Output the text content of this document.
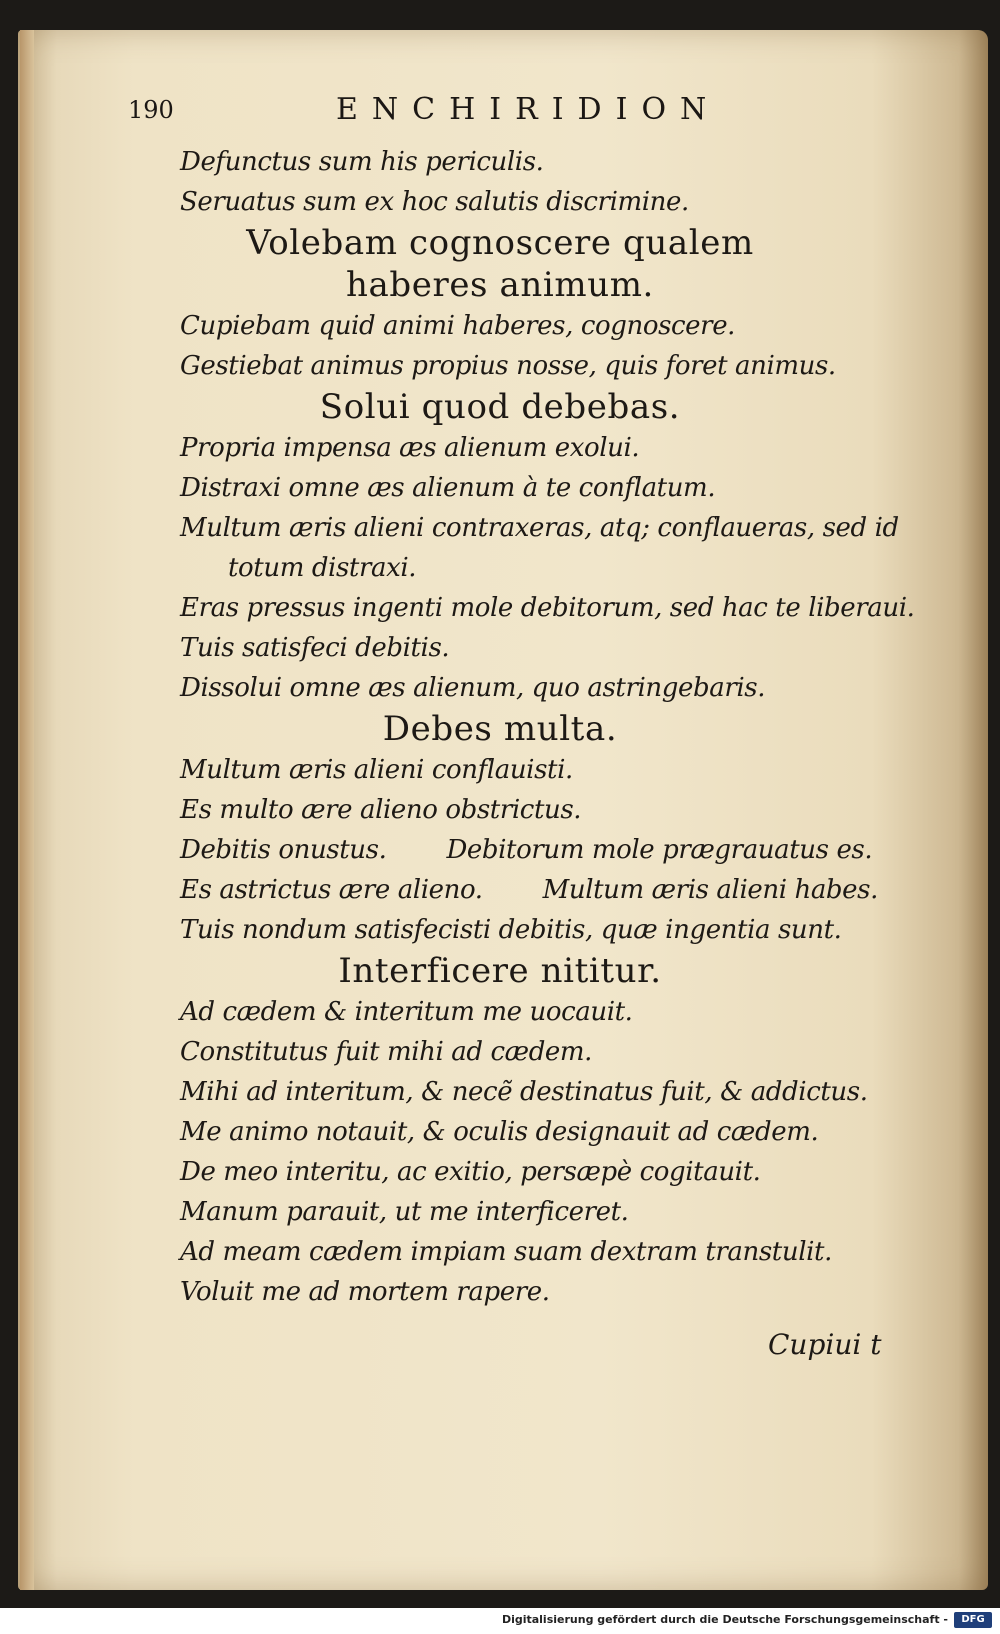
190	ENCHIRIDION
Defunctus sum his periculis.
Seruatus sum ex hoc salutis discrimine.
Volebam cognoscere qualem
haberes animum.
Cupiebam quid animi haberes, cognoscere.
Gestiebat animus propius nosse, quis foret animus.
Solui quod debebas.
Propria impensa æs alienum exolui.
Distraxi omne æs alienum à te conflatum.
Multum æris alieni contraxeras, atq; conflaueras, sed id
totum distraxi.
Eras pressus ingenti mole debitorum, sed hac te liberaui.
Tuis satisfeci debitis.
Dissolui omne æs alienum, quo astringebaris.
Debes multa.
Multum æris alieni conflauisti.
Es multo ære alieno obstrictus.
Debitis onustus. Debitorum mole prægrauatus es.
Es astrictus ære alieno. Multum æris alieni habes.
Tuis nondum satisfecisti debitis, quæ ingentia sunt.
Interficere nititur.
Ad cædem & interitum me uocauit.
Constitutus fuit mihi ad cædem.
Mihi ad interitum, & necẽ destinatus fuit, & addictus.
Me animo notauit, & oculis designauit ad cædem.
De meo interitu, ac exitio, persæpè cogitauit.
Manum parauit, ut me interficeret.
Ad meam cædem impiam suam dextram transtulit.
Voluit me ad mortem rapere.
Cupiui t
Digitalisierung gefördert durch die Deutsche Forschungsgemeinschaft -	DFG
